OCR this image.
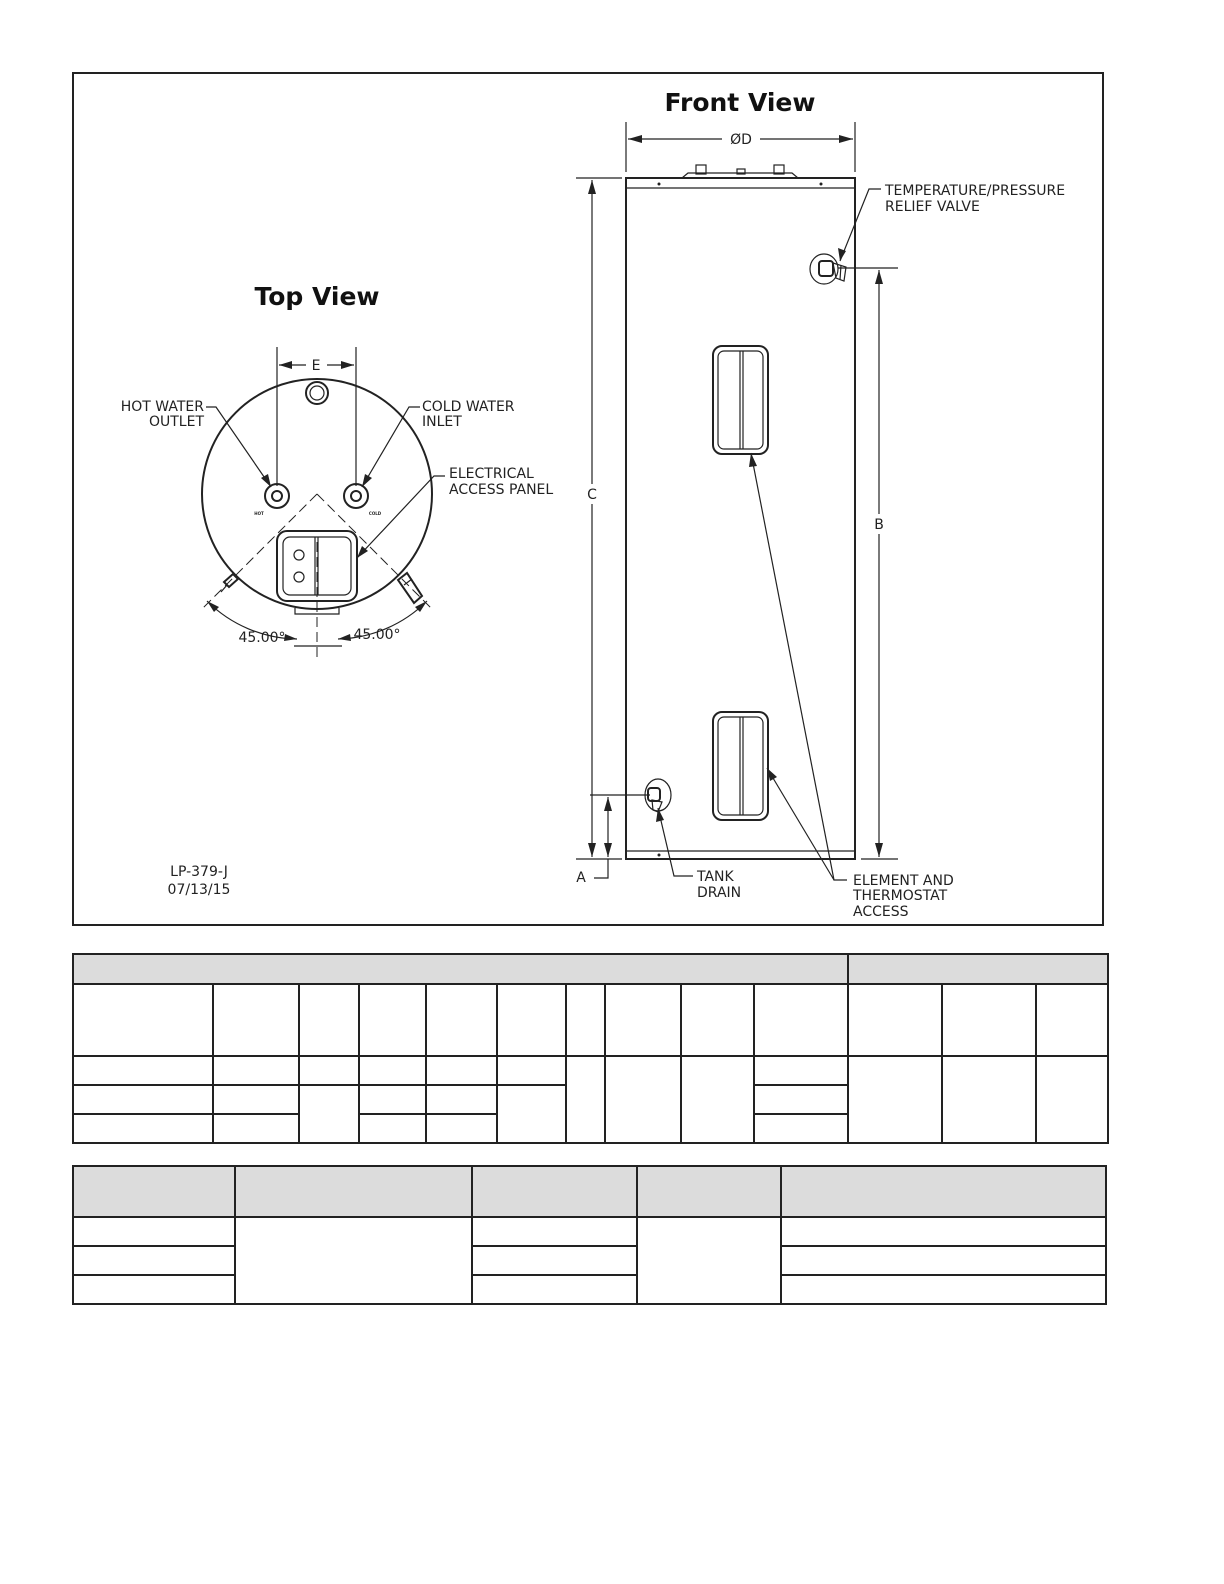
Front View
Top View
ØD
C
A
B
TEMPERATURE/PRESSURE
RELIEF VALVE
TANK
DRAIN
ELEMENT AND
THERMOSTAT
ACCESS
E
HOT	COLD
45.00°	45.00°
HOT WATER
OUTLET
COLD WATER
INLET
ELECTRICAL
ACCESS PANEL
LP-379-J
07/13/15
